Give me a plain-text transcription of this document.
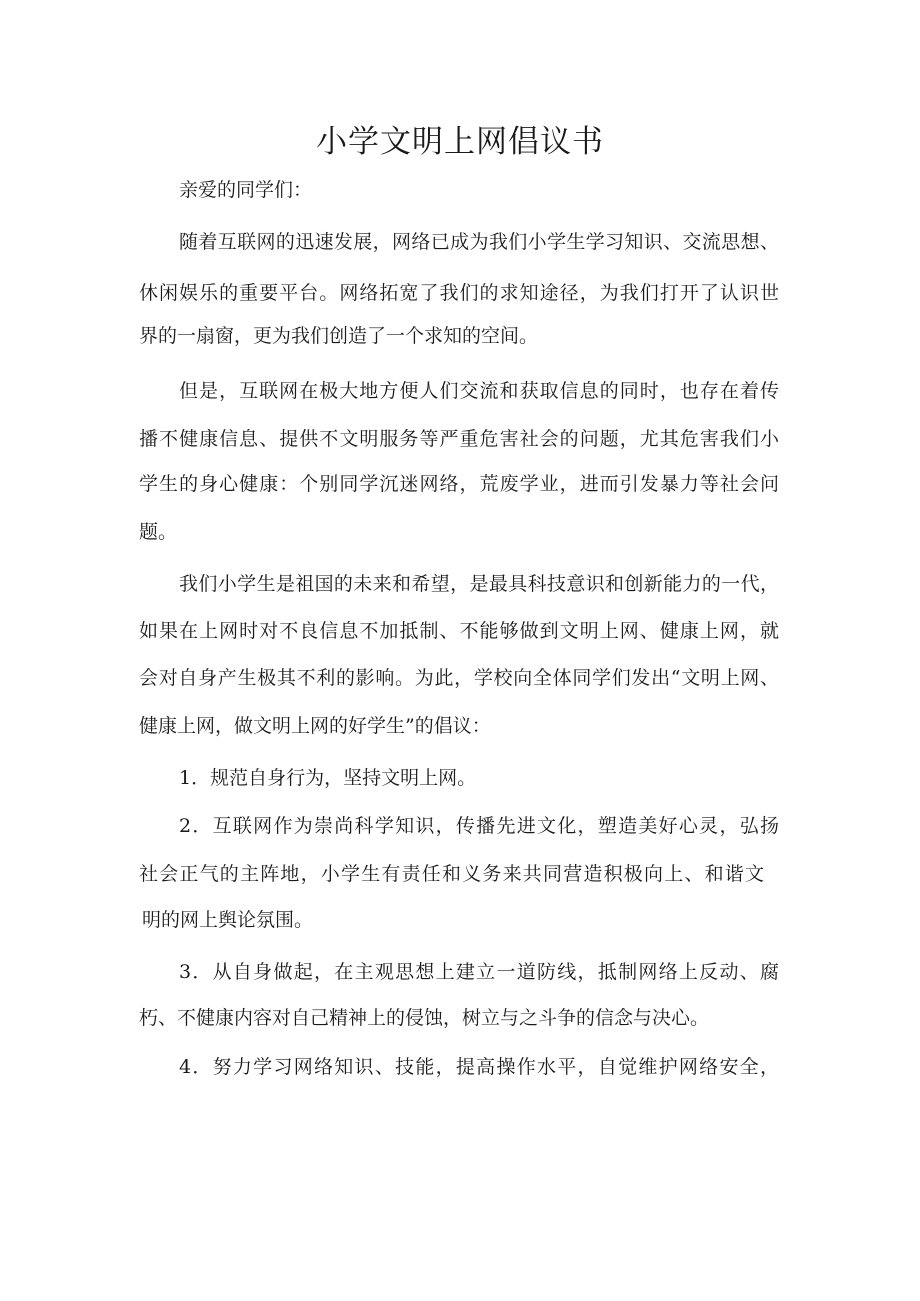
小学文明上网倡议书

亲爱的同学们：

随着互联网的迅速发展，网络已成为我们小学生学习知识、交流思想、

休闲娱乐的重要平台。网络拓宽了我们的求知途径，为我们打开了认识世

界的一扇窗，更为我们创造了一个求知的空间。

但是，互联网在极大地方便人们交流和获取信息的同时，也存在着传

播不健康信息、提供不文明服务等严重危害社会的问题，尤其危害我们小

学生的身心健康：个别同学沉迷网络，荒废学业，进而引发暴力等社会问

题。

我们小学生是祖国的未来和希望，是最具科技意识和创新能力的一代，

如果在上网时对不良信息不加抵制、不能够做到文明上网、健康上网，就

会对自身产生极其不利的影响。为此，学校向全体同学们发出“文明上网、

健康上网，做文明上网的好学生”的倡议：

1．规范自身行为，坚持文明上网。

2．互联网作为崇尚科学知识，传播先进文化，塑造美好心灵，弘扬

社会正气的主阵地，小学生有责任和义务来共同营造积极向上、和谐文

明的网上舆论氛围。

3．从自身做起，在主观思想上建立一道防线，抵制网络上反动、腐

朽、不健康内容对自己精神上的侵蚀，树立与之斗争的信念与决心。

4．努力学习网络知识、技能，提高操作水平，自觉维护网络安全，
